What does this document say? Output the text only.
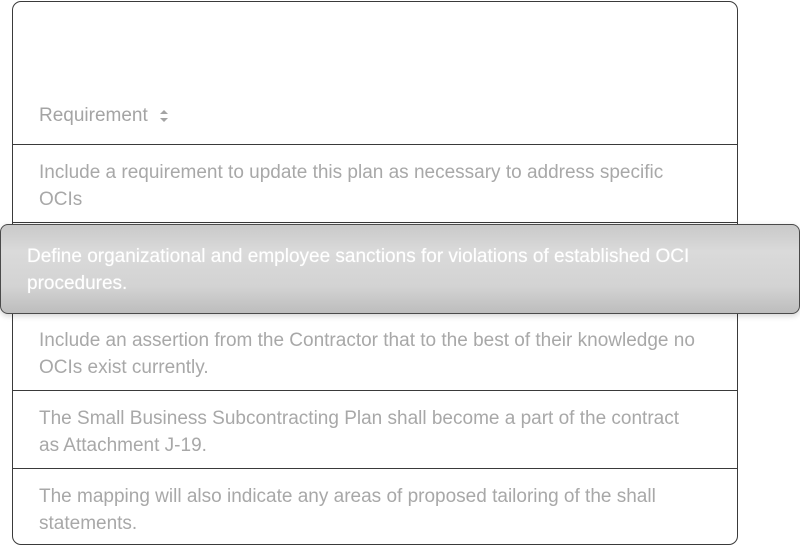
Requirement
Include a requirement to update this plan as necessary to address specific OCIs
Include an assertion from the Contractor that to the best of their knowledge no OCIs exist currently.
The Small Business Subcontracting Plan shall become a part of the contract as Attachment J-19.
The mapping will also indicate any areas of proposed tailoring of the shall statements.
Define organizational and employee sanctions for violations of established OCI procedures.
